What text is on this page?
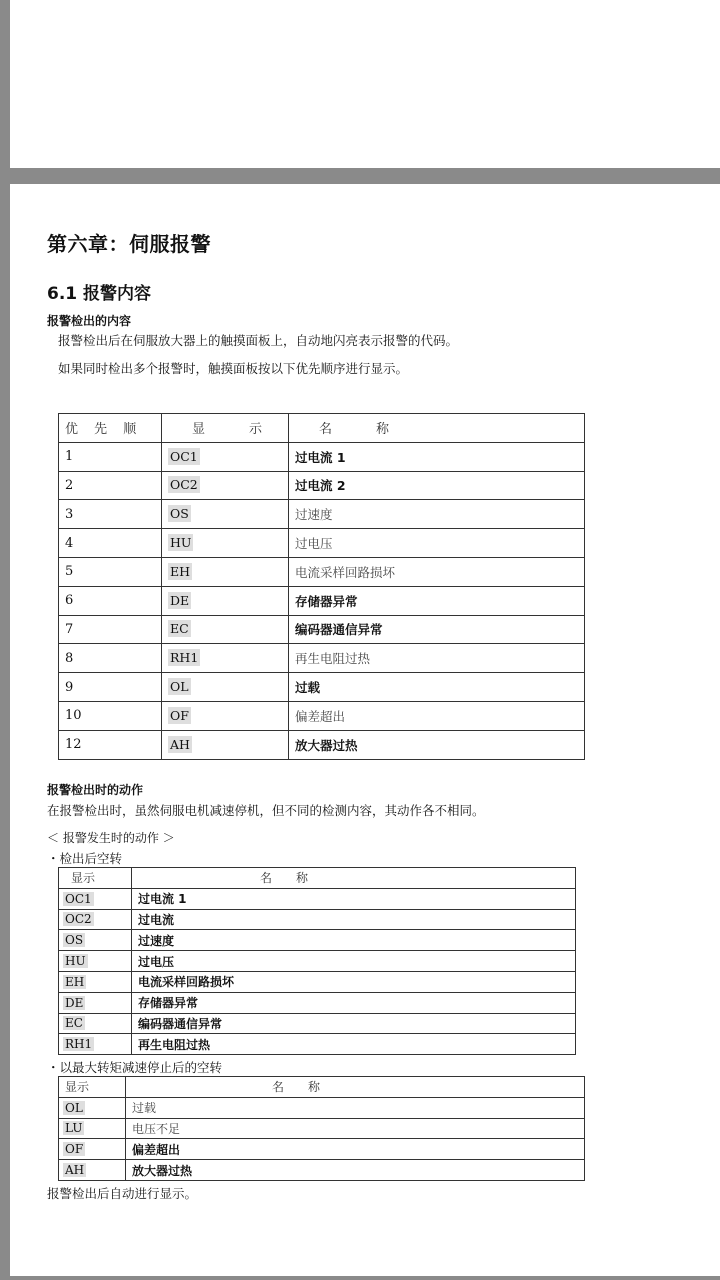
第六章：伺服报警
6.1 报警内容
报警检出的内容
报警检出后在伺服放大器上的触摸面板上，自动地闪亮表示报警的代码。
如果同时检出多个报警时，触摸面板按以下优先顺序进行显示。
优 先 顺	显　　示	名　　称
1	OC1	过电流 1
2	OC2	过电流 2
3	OS	过速度
4	HU	过电压
5	EH	电流采样回路损坏
6	DE	存储器异常
7	EC	编码器通信异常
8	RH1	再生电阻过热
9	OL	过载
10	OF	偏差超出
12	AH	放大器过热
报警检出时的动作
在报警检出时，虽然伺服电机减速停机，但不同的检测内容，其动作各不相同。
＜ 报警发生时的动作 ＞
・检出后空转
显示	名　　称
OC1	过电流 1
OC2	过电流
OS	过速度
HU	过电压
EH	电流采样回路损坏
DE	存储器异常
EC	编码器通信异常
RH1	再生电阻过热
・以最大转矩减速停止后的空转
显示	名　　称
OL	过载
LU	电压不足
OF	偏差超出
AH	放大器过热
报警检出后自动进行显示。
